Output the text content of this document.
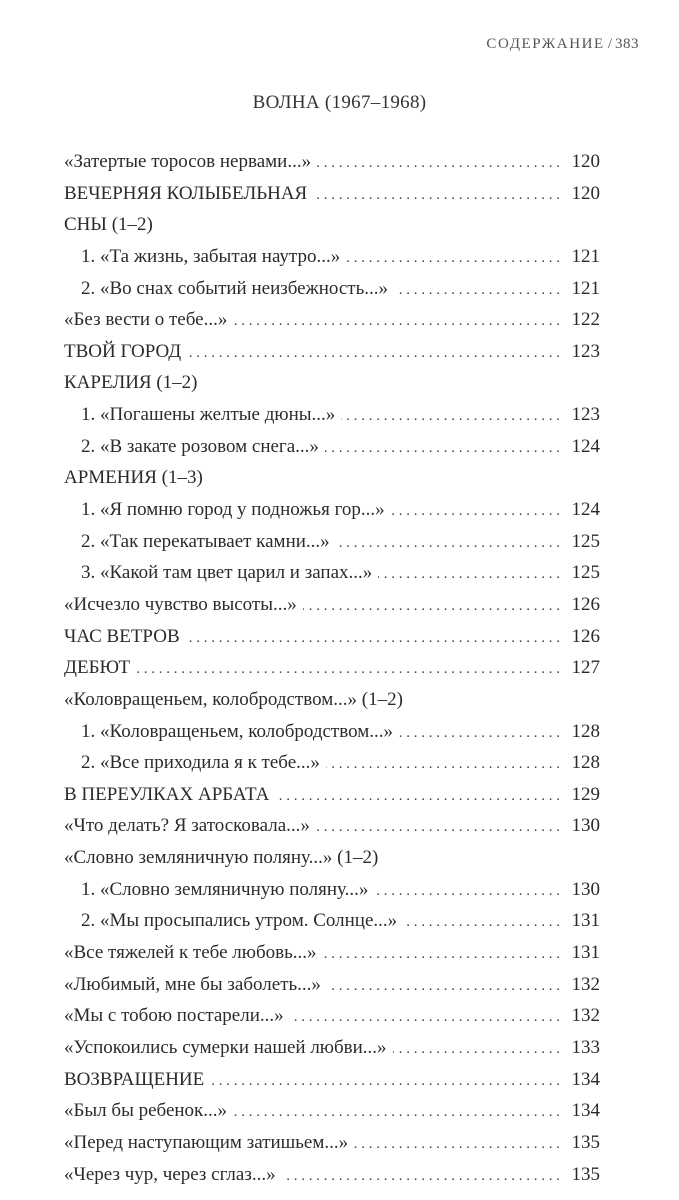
СОДЕРЖАНИЕ / 383
ВОЛНА (1967–1968)
«Затертые торосов нервами...» . . .	120
ВЕЧЕРНЯЯ КОЛЫБЕЛЬНАЯ . . .	120
СНЫ (1–2)
1. «Та жизнь, забытая наутро...» . . .	121
2. «Во снах событий неизбежность...» . . .	121
«Без вести о тебе...» . . .	122
ТВОЙ ГОРОД . . .	123
КАРЕЛИЯ (1–2)
1. «Погашены желтые дюны...» . . .	123
2. «В закате розовом снега...» . . .	124
АРМЕНИЯ (1–3)
1. «Я помню город у подножья гор...» . . .	124
2. «Так перекатывает камни...» . . .	125
3. «Какой там цвет царил и запах...» . . .	125
«Исчезло чувство высоты...» . . .	126
ЧАС ВЕТРОВ . . .	126
ДЕБЮТ . . .	127
«Коловращеньем, колобродством...» (1–2)
1. «Коловращеньем, колобродством...» . . .	128
2. «Все приходила я к тебе...» . . .	128
В ПЕРЕУЛКАХ АРБАТА . . .	129
«Что делать? Я затосковала...» . . .	130
«Словно земляничную поляну...» (1–2)
1. «Словно земляничную поляну...» . . .	130
2. «Мы просыпались утром. Солнце...» . . .	131
«Все тяжелей к тебе любовь...» . . .	131
«Любимый, мне бы заболеть...» . . .	132
«Мы с тобою постарели...» . . .	132
«Успокоились сумерки нашей любви...» . . .	133
ВОЗВРАЩЕНИЕ . . .	134
«Был бы ребенок...» . . .	134
«Перед наступающим затишьем...» . . .	135
«Через чур, через сглаз...» . . .	135
